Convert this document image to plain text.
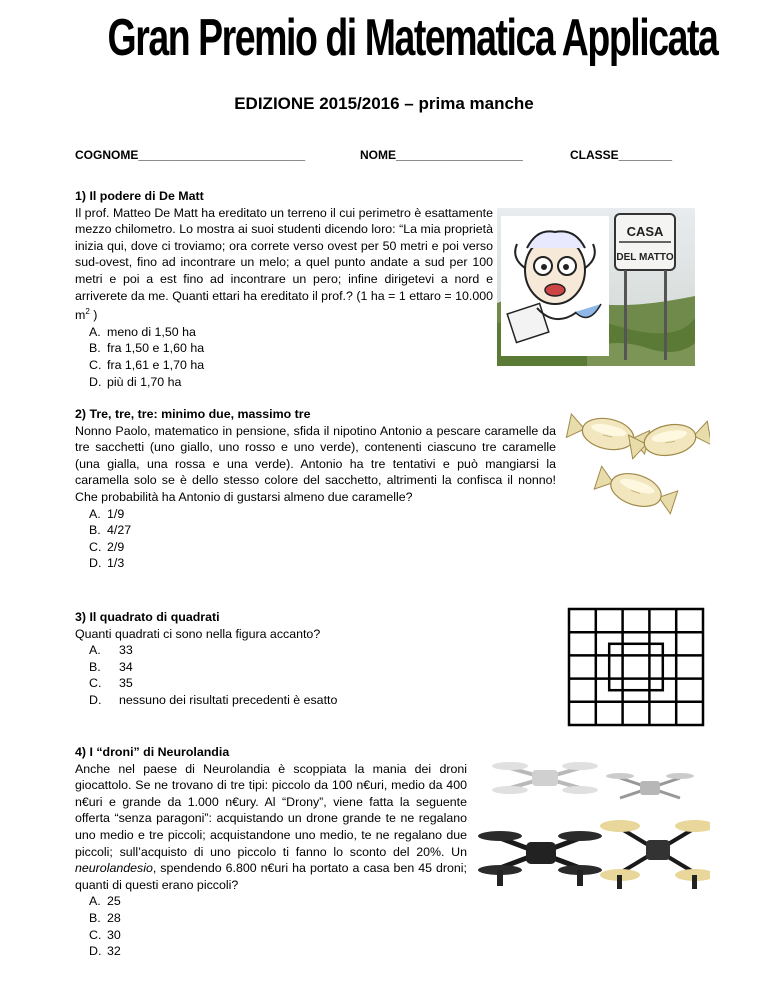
Gran Premio di Matematica Applicata
EDIZIONE 2015/2016 – prima manche
COGNOME_________________________	NOME___________________	CLASSE________
1) Il podere di De Matt
Il prof. Matteo De Matt ha ereditato un terreno il cui perimetro è esattamente mezzo chilometro. Lo mostra ai suoi studenti dicendo loro: “La mia proprietà inizia qui, dove ci troviamo; ora correte verso ovest per 50 metri e poi verso sud-ovest, fino ad incontrare un melo; a quel punto andate a sud per 100 metri e poi a est fino ad incontrare un pero; infine dirigetevi a nord e arriverete da me. Quanti ettari ha ereditato il prof.? (1 ha = 1 ettaro = 10.000 $m^2$ )
A. meno di 1,50 ha
B. fra 1,50 e 1,60 ha
C. fra 1,61 e 1,70 ha
D. più di 1,70 ha
CASA
DEL MATTO
2) Tre, tre, tre: minimo due, massimo tre
Nonno Paolo, matematico in pensione, sfida il nipotino Antonio a pescare caramelle da tre sacchetti (uno giallo, uno rosso e uno verde), contenenti ciascuno tre caramelle (una gialla, una rossa e una verde). Antonio ha tre tentativi e può mangiarsi la caramella solo se è dello stesso colore del sacchetto, altrimenti la confisca il nonno! Che probabilità ha Antonio di gustarsi almeno due caramelle?
A. 1/9
B. 4/27
C. 2/9
D. 1/3
~~~
~~~
~~~
3) Il quadrato di quadrati
Quanti quadrati ci sono nella figura accanto?
A.	33
B.	34
C.	35
D.	nessuno dei risultati precedenti è esatto
4) I “droni” di Neurolandia
Anche nel paese di Neurolandia è scoppiata la mania dei droni giocattolo. Se ne trovano di tre tipi: piccolo da 100 n€uri, medio da 400 n€uri e grande da 1.000 n€ury. Al “Drony”, viene fatta la seguente offerta “senza paragoni”: acquistando un drone grande te ne regalano uno medio e tre piccoli; acquistandone uno medio, te ne regalano due piccoli; sull’acquisto di uno piccolo ti fanno lo sconto del 20%. Un neurolandesio, spendendo 6.800 n€uri ha portato a casa ben 45 droni; quanti di questi erano piccoli?
A. 25
B. 28
C. 30
D. 32
